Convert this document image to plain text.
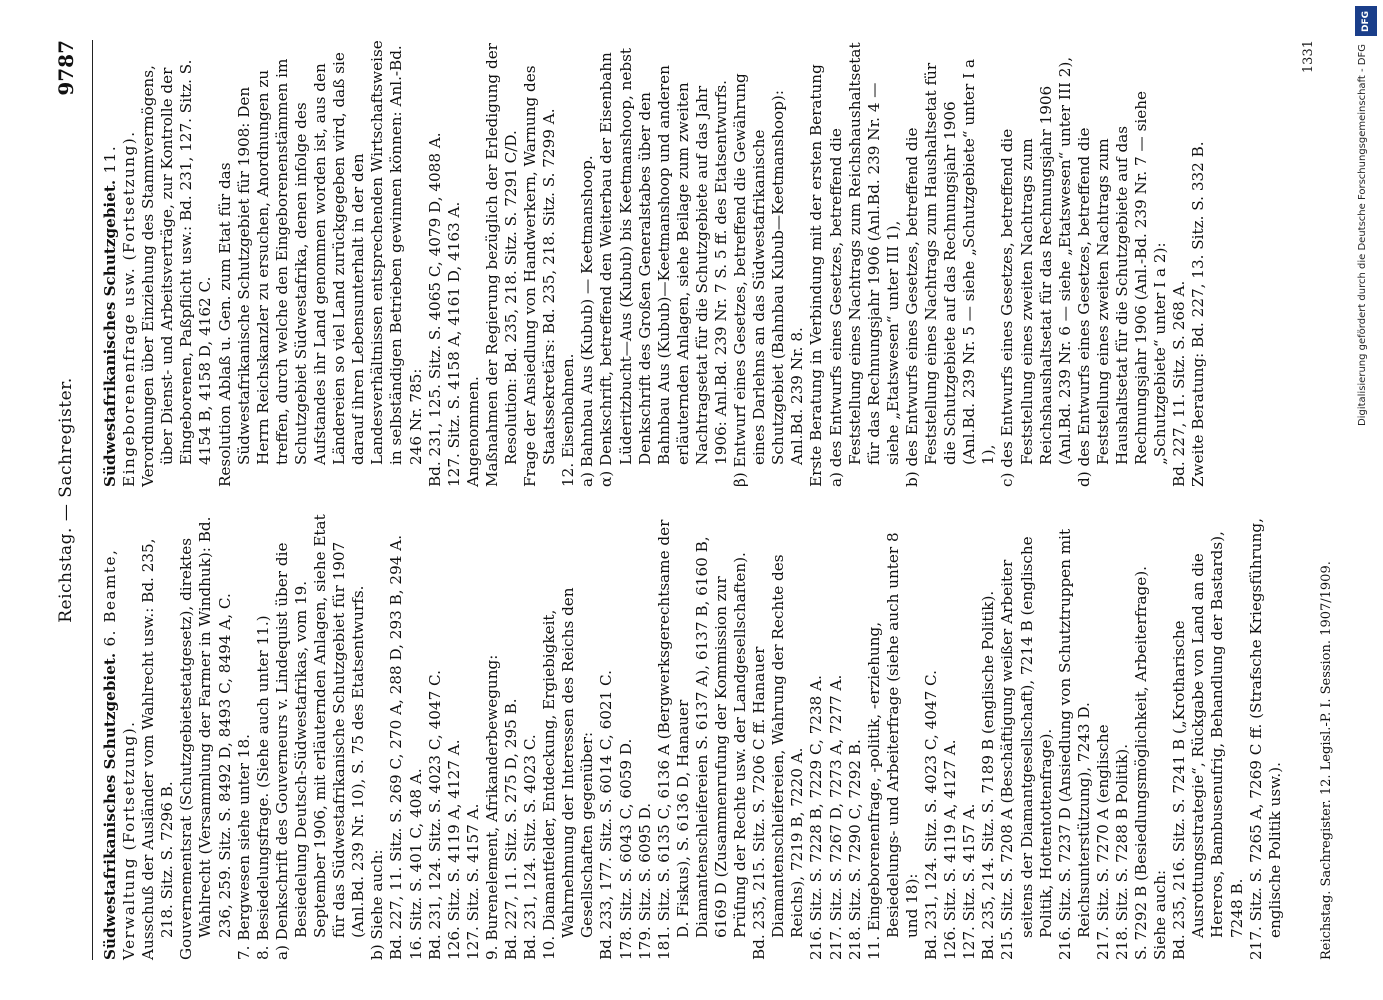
Reichstag. — Sachregister.
9787

Südwestafrikanisches Schutzgebiet. 6. Beamte, Verwaltung (Fortsetzung). Ausschuß der Ausländer vom Wahlrecht usw.: Bd. 235, 218. Sitz. S. 7296 B. Gouvernementsrat (Schutzgebietsetatgesetz), direktes Wahlrecht (Versammlung der Farmer in Windhuk): Bd. 236, 259. Sitz. S. 8492 D, 8493 C, 8494 A, C. 7. Bergwesen siehe unter 18. 8. Besiedelungsfrage. (Siehe auch unter 11.) a) Denkschrift des Gouverneurs v. Lindequist über die Besiedelung Deutsch-Südwestafrikas, vom 19. September 1906, mit erläuternden Anlagen, siehe Etat für das Südwestafrikanische Schutzgebiet für 1907 (Anl.Bd. 239 Nr. 10), S. 75 des Etatsentwurfs. b) Siehe auch: Bd. 227, 11. Sitz. S. 269 C, 270 A, 288 D, 293 B, 294 A. 16. Sitz. S. 401 C, 408 A. Bd. 231, 124. Sitz. S. 4023 C, 4047 C. 126. Sitz. S. 4119 A, 4127 A. 127. Sitz. S. 4157 A. 9. Burenelement, Afrikanderbewegung: Bd. 227, 11. Sitz. S. 275 D, 295 B. Bd. 231, 124. Sitz. S. 4023 C. 10. Diamantfelder, Entdeckung, Ergiebigkeit, Wahrnehmung der Interessen des Reichs den Gesellschaften gegenüber: Bd. 233, 177. Sitz. S. 6014 C, 6021 C. 178. Sitz. S. 6043 C, 6059 D. 179. Sitz. S. 6095 D. 181. Sitz. S. 6135 C, 6136 A (Bergwerksgerechtsame der D. Fiskus), S. 6136 D, Hanauer Diamantenschleifereien S. 6137 A), 6137 B, 6160 B, 6169 D (Zusammenrufung der Kommission zur Prüfung der Rechte usw. der Landgesellschaften). Bd. 235, 215. Sitz. S. 7206 C ff. Hanauer Diamantenschleifereien, Wahrung der Rechte des Reichs), 7219 B, 7220 A. 216. Sitz. S. 7228 B, 7229 C, 7238 A. 217. Sitz. S. 7267 D, 7273 A, 7277 A. 218. Sitz. S. 7290 C, 7292 B. 11. Eingeborenenfrage, -politik, -erziehung, Besiedelungs- und Arbeiterfrage (siehe auch unter 8 und 18): Bd. 231, 124. Sitz. S. 4023 C, 4047 C. 126. Sitz. S. 4119 A, 4127 A. 127. Sitz. S. 4157 A. Bd. 235, 214. Sitz. S. 7189 B (englische Politik). 215. Sitz. S. 7208 A (Beschäftigung weißer Arbeiter seitens der Diamantgesellschaft), 7214 B (englische Politik, Hottentottenfrage). 216. Sitz. S. 7237 D (Ansiedlung von Schutztruppen mit Reichsunterstützung), 7243 D. 217. Sitz. S. 7270 A (englische 218. Sitz. S. 7288 B Politik). S. 7292 B (Besiedlungsmöglichkeit, Arbeiterfrage). Siehe auch: Bd. 235, 216. Sitz. S. 7241 B („Krotharische Ausrottungsstrategie“, Rückgabe von Land an die Hereros, Bambusenufrig, Behandlung der Bastards), 7248 B. 217. Sitz. S. 7265 A, 7269 C ff. (Strafsche Kriegsführung, englische Politik usw.).

Südwestafrikanisches Schutzgebiet. 11. Eingeborenenfrage usw. (Fortsetzung). Verordnungen über Einziehung des Stammvermögens, über Dienst- und Arbeitsverträge, zur Kontrolle der Eingeborenen, Paßpflicht usw.: Bd. 231, 127. Sitz. S. 4154 B, 4158 D, 4162 C. Resolution Ablaß u. Gen. zum Etat für das Südwestafrikanische Schutzgebiet für 1908: Den Herrn Reichskanzler zu ersuchen, Anordnungen zu treffen, durch welche den Eingeborenenstämmen im Schutzgebiet Südwestafrika, denen infolge des Aufstandes ihr Land genommen worden ist, aus den Ländereien so viel Land zurückgegeben wird, daß sie darauf ihren Lebensunterhalt in der den Landesverhältnissen entsprechenden Wirtschaftsweise in selbständigen Betrieben gewinnen können: Anl.-Bd. 246 Nr. 785: Bd. 231, 125. Sitz. S. 4065 C, 4079 D, 4088 A. 127. Sitz. S. 4158 A, 4161 D, 4163 A. Angenommen. Maßnahmen der Regierung bezüglich der Erledigung der Resolution: Bd. 235, 218. Sitz. S. 7291 C/D. Frage der Ansiedlung von Handwerkern, Warnung des Staatssekretärs: Bd. 235, 218. Sitz. S. 7299 A. 12. Eisenbahnen. a) Bahnbau Aus (Kubub) — Keetmanshoop. α) Denkschrift, betreffend den Weiterbau der Eisenbahn Lüderitzbucht—Aus (Kubub) bis Keetmanshoop, nebst Denkschrift des Großen Generalstabes über den Bahnbau Aus (Kubub)—Keetmanshoop und anderen erläuternden Anlagen, siehe Beilage zum zweiten Nachtragsetat für die Schutzgebiete auf das Jahr 1906: Anl.Bd. 239 Nr. 7 S. 5 ff. des Etatsentwurfs. β) Entwurf eines Gesetzes, betreffend die Gewährung eines Darlehns an das Südwestafrikanische Schutzgebiet (Bahnbau Kubub—Keetmanshoop): Anl.Bd. 239 Nr. 8. Erste Beratung in Verbindung mit der ersten Beratung a) des Entwurfs eines Gesetzes, betreffend die Feststellung eines Nachtrags zum Reichshaushaltsetat für das Rechnungsjahr 1906 (Anl.Bd. 239 Nr. 4 — siehe „Etatswesen“ unter III 1), b) des Entwurfs eines Gesetzes, betreffend die Feststellung eines Nachtrags zum Haushaltsetat für die Schutzgebiete auf das Rechnungsjahr 1906 (Anl.Bd. 239 Nr. 5 — siehe „Schutzgebiete“ unter I a 1), c) des Entwurfs eines Gesetzes, betreffend die Feststellung eines zweiten Nachtrags zum Reichshaushaltsetat für das Rechnungsjahr 1906 (Anl.Bd. 239 Nr. 6 — siehe „Etatswesen“ unter III 2), d) des Entwurfs eines Gesetzes, betreffend die Feststellung eines zweiten Nachtrags zum Haushaltsetat für die Schutzgebiete auf das Rechnungsjahr 1906 (Anl.-Bd. 239 Nr. 7 — siehe „Schutzgebiete“ unter I a 2): Bd. 227, 11. Sitz. S. 268 A. Zweite Beratung: Bd. 227, 13. Sitz. S. 332 B.

1331
Reichstag. Sachregister. 12. Legisl.-P. I. Session. 1907/1909.
DFG
Digitalisierung gefördert durch die Deutsche Forschungsgemeinschaft - DFG
